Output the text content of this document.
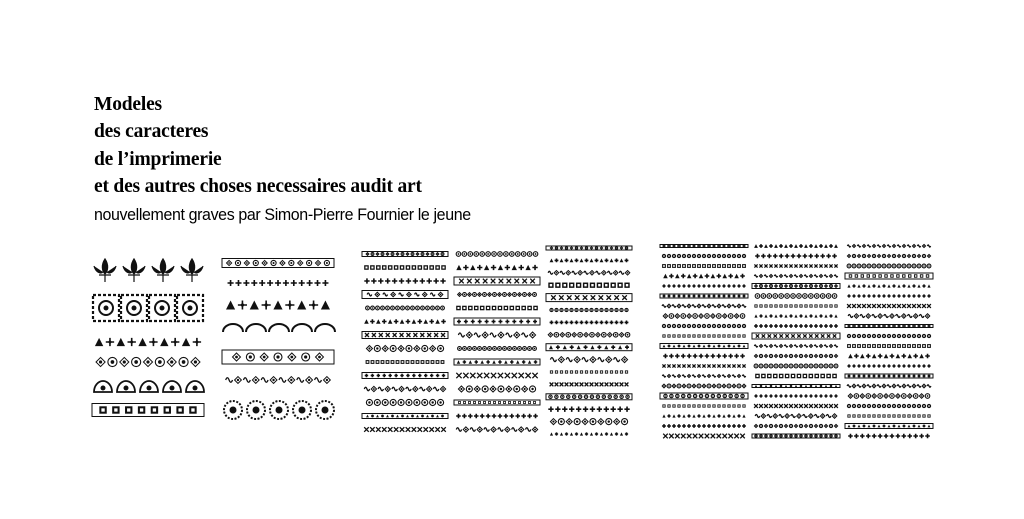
Modeles
des caracteres
de l’imprimerie
et des autres choses necessaires audit art
nouvellement graves par Simon-Pierre Fournier le jeune
